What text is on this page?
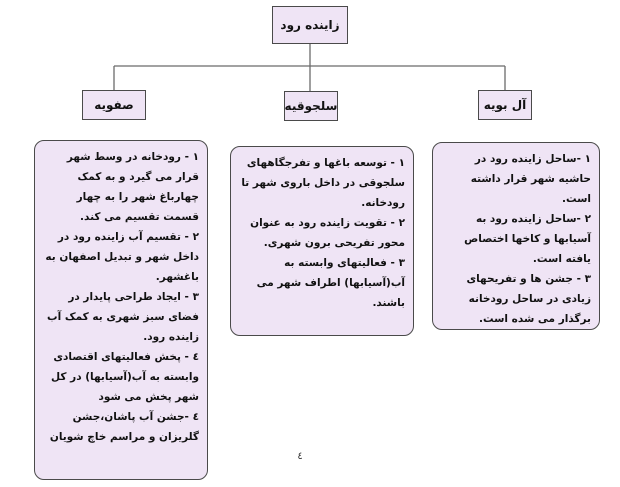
زاینده رود
آل بویه
سلجوقیه
صفویه

۱ -ساحل زاینده رود در حاشیه شهر قرار داشته است.

۲ -ساحل زاینده رود به آسیابها و کاخها اختصاص یافته است.

۳ - جشن ها و تفریحهای زیادی در ساحل رودخانه برگذار می شده است.

۱ - توسعه باغها و تفرجگاههای سلجوقی در داخل باروی شهر تا رودخانه.

۲ - تقویت زاینده رود به عنوان محور تفریحی برون شهری.

۳ - فعالیتهای وابسته به آب(آسیابها) اطراف شهر می باشند.

۱ - رودخانه در وسط شهر قرار می گیرد و به کمک چهارباغ شهر را به چهار قسمت تقسیم می کند.

۲ - تقسیم آب زاینده رود در داخل شهر و تبدیل اصفهان به باغشهر.

۳ - ایجاد طراحی پایدار در فضای سبز شهری به کمک آب زاینده رود.

٤ - پخش فعالیتهای اقتصادی وابسته به آب(آسیابها) در کل شهر پخش می شود

٤ -جشن آب پاشان،جشن گلریزان و مراسم خاچ شویان

٤
